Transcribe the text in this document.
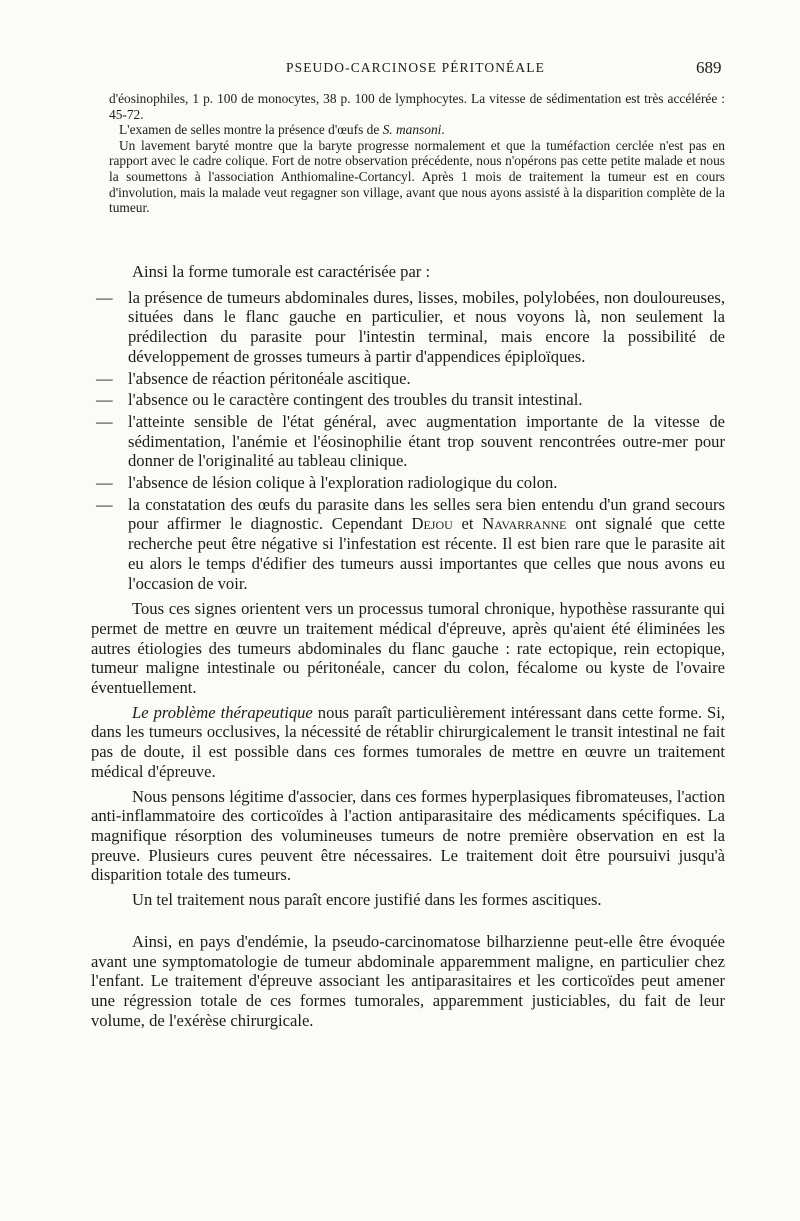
PSEUDO-CARCINOSE PÉRITONÉALE	689

d'éosinophiles, 1 p. 100 de monocytes, 38 p. 100 de lymphocytes. La vitesse de sédimentation est très accélérée : 45-72.

L'examen de selles montre la présence d'œufs de S. mansoni.

Un lavement baryté montre que la baryte progresse normalement et que la tuméfaction cerclée n'est pas en rapport avec le cadre colique. Fort de notre observation précédente, nous n'opérons pas cette petite malade et nous la soumettons à l'association Anthiomaline-Cortancyl. Après 1 mois de traitement la tumeur est en cours d'involution, mais la malade veut regagner son village, avant que nous ayons assisté à la disparition complète de la tumeur.

Ainsi la forme tumorale est caractérisée par :

— la présence de tumeurs abdominales dures, lisses, mobiles, polylobées, non douloureuses, situées dans le flanc gauche en particulier, et nous voyons là, non seulement la prédilection du parasite pour l'intestin terminal, mais encore la possibilité de développement de grosses tumeurs à partir d'appendices épiploïques.
— l'absence de réaction péritonéale ascitique.
— l'absence ou le caractère contingent des troubles du transit intestinal.
— l'atteinte sensible de l'état général, avec augmentation importante de la vitesse de sédimentation, l'anémie et l'éosinophilie étant trop souvent rencontrées outre-mer pour donner de l'originalité au tableau clinique.
— l'absence de lésion colique à l'exploration radiologique du colon.
— la constatation des œufs du parasite dans les selles sera bien entendu d'un grand secours pour affirmer le diagnostic. Cependant Dejou et Navarranne ont signalé que cette recherche peut être négative si l'infestation est récente. Il est bien rare que le parasite ait eu alors le temps d'édifier des tumeurs aussi importantes que celles que nous avons eu l'occasion de voir.

Tous ces signes orientent vers un processus tumoral chronique, hypothèse rassurante qui permet de mettre en œuvre un traitement médical d'épreuve, après qu'aient été éliminées les autres étiologies des tumeurs abdominales du flanc gauche : rate ectopique, rein ectopique, tumeur maligne intestinale ou péritonéale, cancer du colon, fécalome ou kyste de l'ovaire éventuellement.

Le problème thérapeutique nous paraît particulièrement intéressant dans cette forme. Si, dans les tumeurs occlusives, la nécessité de rétablir chirurgicalement le transit intestinal ne fait pas de doute, il est possible dans ces formes tumorales de mettre en œuvre un traitement médical d'épreuve.

Nous pensons légitime d'associer, dans ces formes hyperplasiques fibromateuses, l'action anti-inflammatoire des corticoïdes à l'action antiparasitaire des médicaments spécifiques. La magnifique résorption des volumineuses tumeurs de notre première observation en est la preuve. Plusieurs cures peuvent être nécessaires. Le traitement doit être poursuivi jusqu'à disparition totale des tumeurs.

Un tel traitement nous paraît encore justifié dans les formes ascitiques.

Ainsi, en pays d'endémie, la pseudo-carcinomatose bilharzienne peut-elle être évoquée avant une symptomatologie de tumeur abdominale apparemment maligne, en particulier chez l'enfant. Le traitement d'épreuve associant les antiparasitaires et les corticoïdes peut amener une régression totale de ces formes tumorales, apparemment justiciables, du fait de leur volume, de l'exérèse chirurgicale.
